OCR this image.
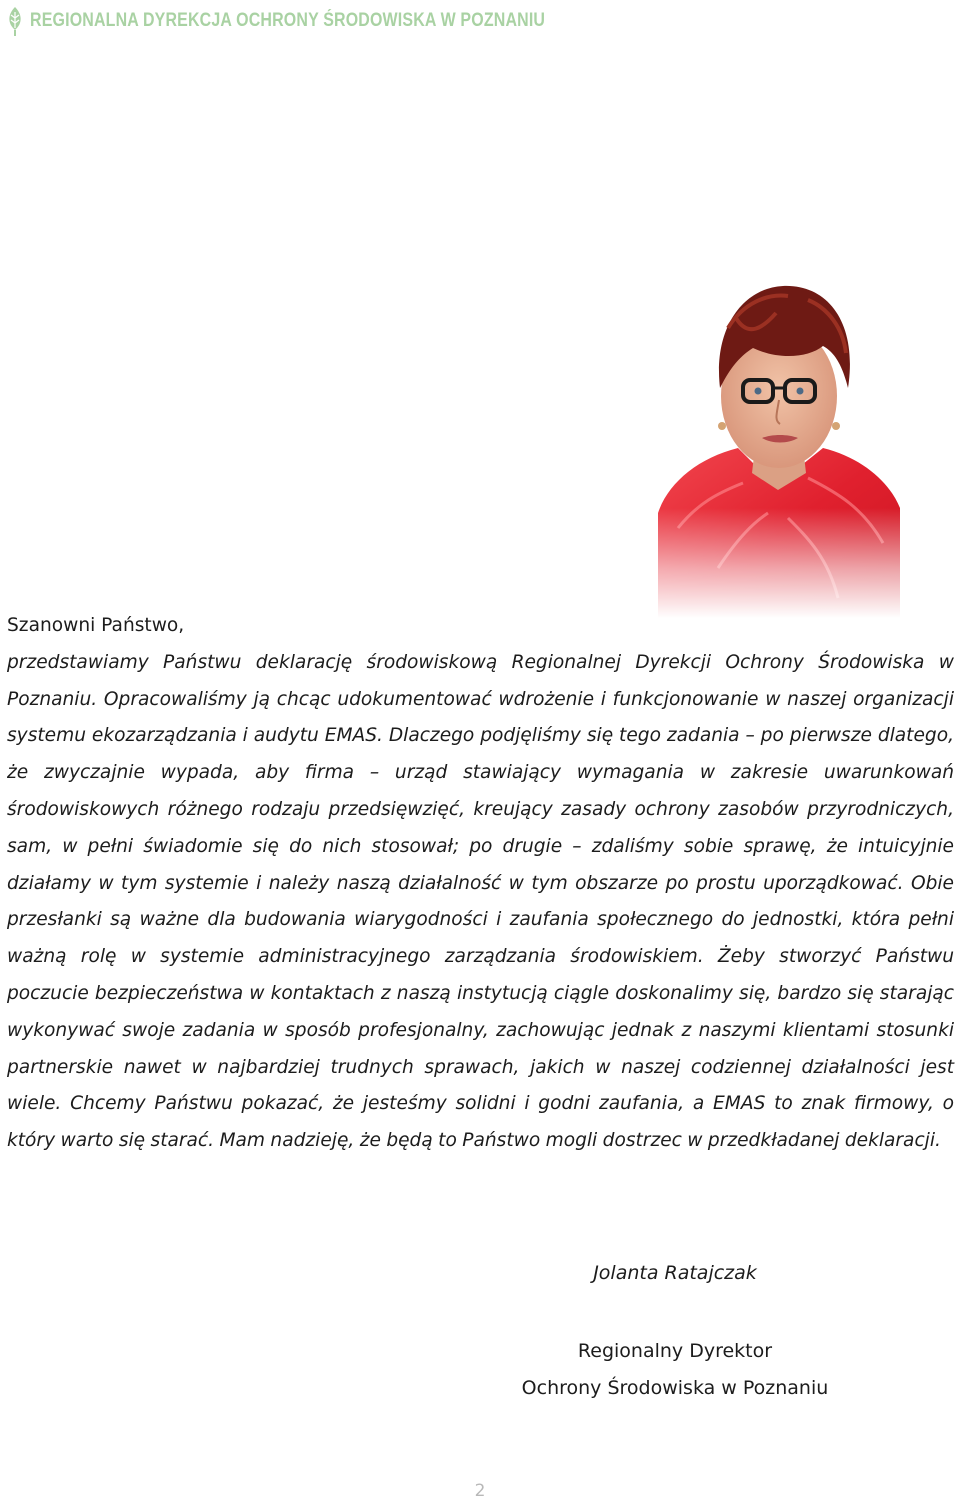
REGIONALNA DYREKCJA OCHRONY ŚRODOWISKA W POZNANIU

Szanowni Państwo,

przedstawiamy Państwu deklarację środowiskową Regionalnej Dyrekcji Ochrony Środowiska w Poznaniu. Opracowaliśmy ją chcąc udokumentować wdrożenie i funkcjonowanie w naszej organizacji systemu ekozarządzania i audytu EMAS. Dlaczego podjęliśmy się tego zadania – po pierwsze dlatego, że zwyczajnie wypada, aby firma – urząd stawiający wymagania w zakresie uwarunkowań środowiskowych różnego rodzaju przedsięwzięć, kreujący zasady ochrony zasobów przyrodniczych, sam, w pełni świadomie się do nich stosował; po drugie – zdaliśmy sobie sprawę, że intuicyjnie działamy w tym systemie i należy naszą działalność w tym obszarze po prostu uporządkować. Obie przesłanki są ważne dla budowania wiarygodności i zaufania społecznego do jednostki, która pełni ważną rolę w systemie administracyjnego zarządzania środowiskiem. Żeby stworzyć Państwu poczucie bezpieczeństwa w kontaktach z naszą instytucją ciągle doskonalimy się, bardzo się starając wykonywać swoje zadania w sposób profesjonalny, zachowując jednak z naszymi klientami stosunki partnerskie nawet w najbardziej trudnych sprawach, jakich w naszej codziennej działalności jest wiele. Chcemy Państwu pokazać, że jesteśmy solidni i godni zaufania, a EMAS to znak firmowy, o który warto się starać. Mam nadzieję, że będą to Państwo mogli dostrzec w przedkładanej deklaracji.

Jolanta Ratajczak
Regionalny Dyrektor
Ochrony Środowiska w Poznaniu
2
